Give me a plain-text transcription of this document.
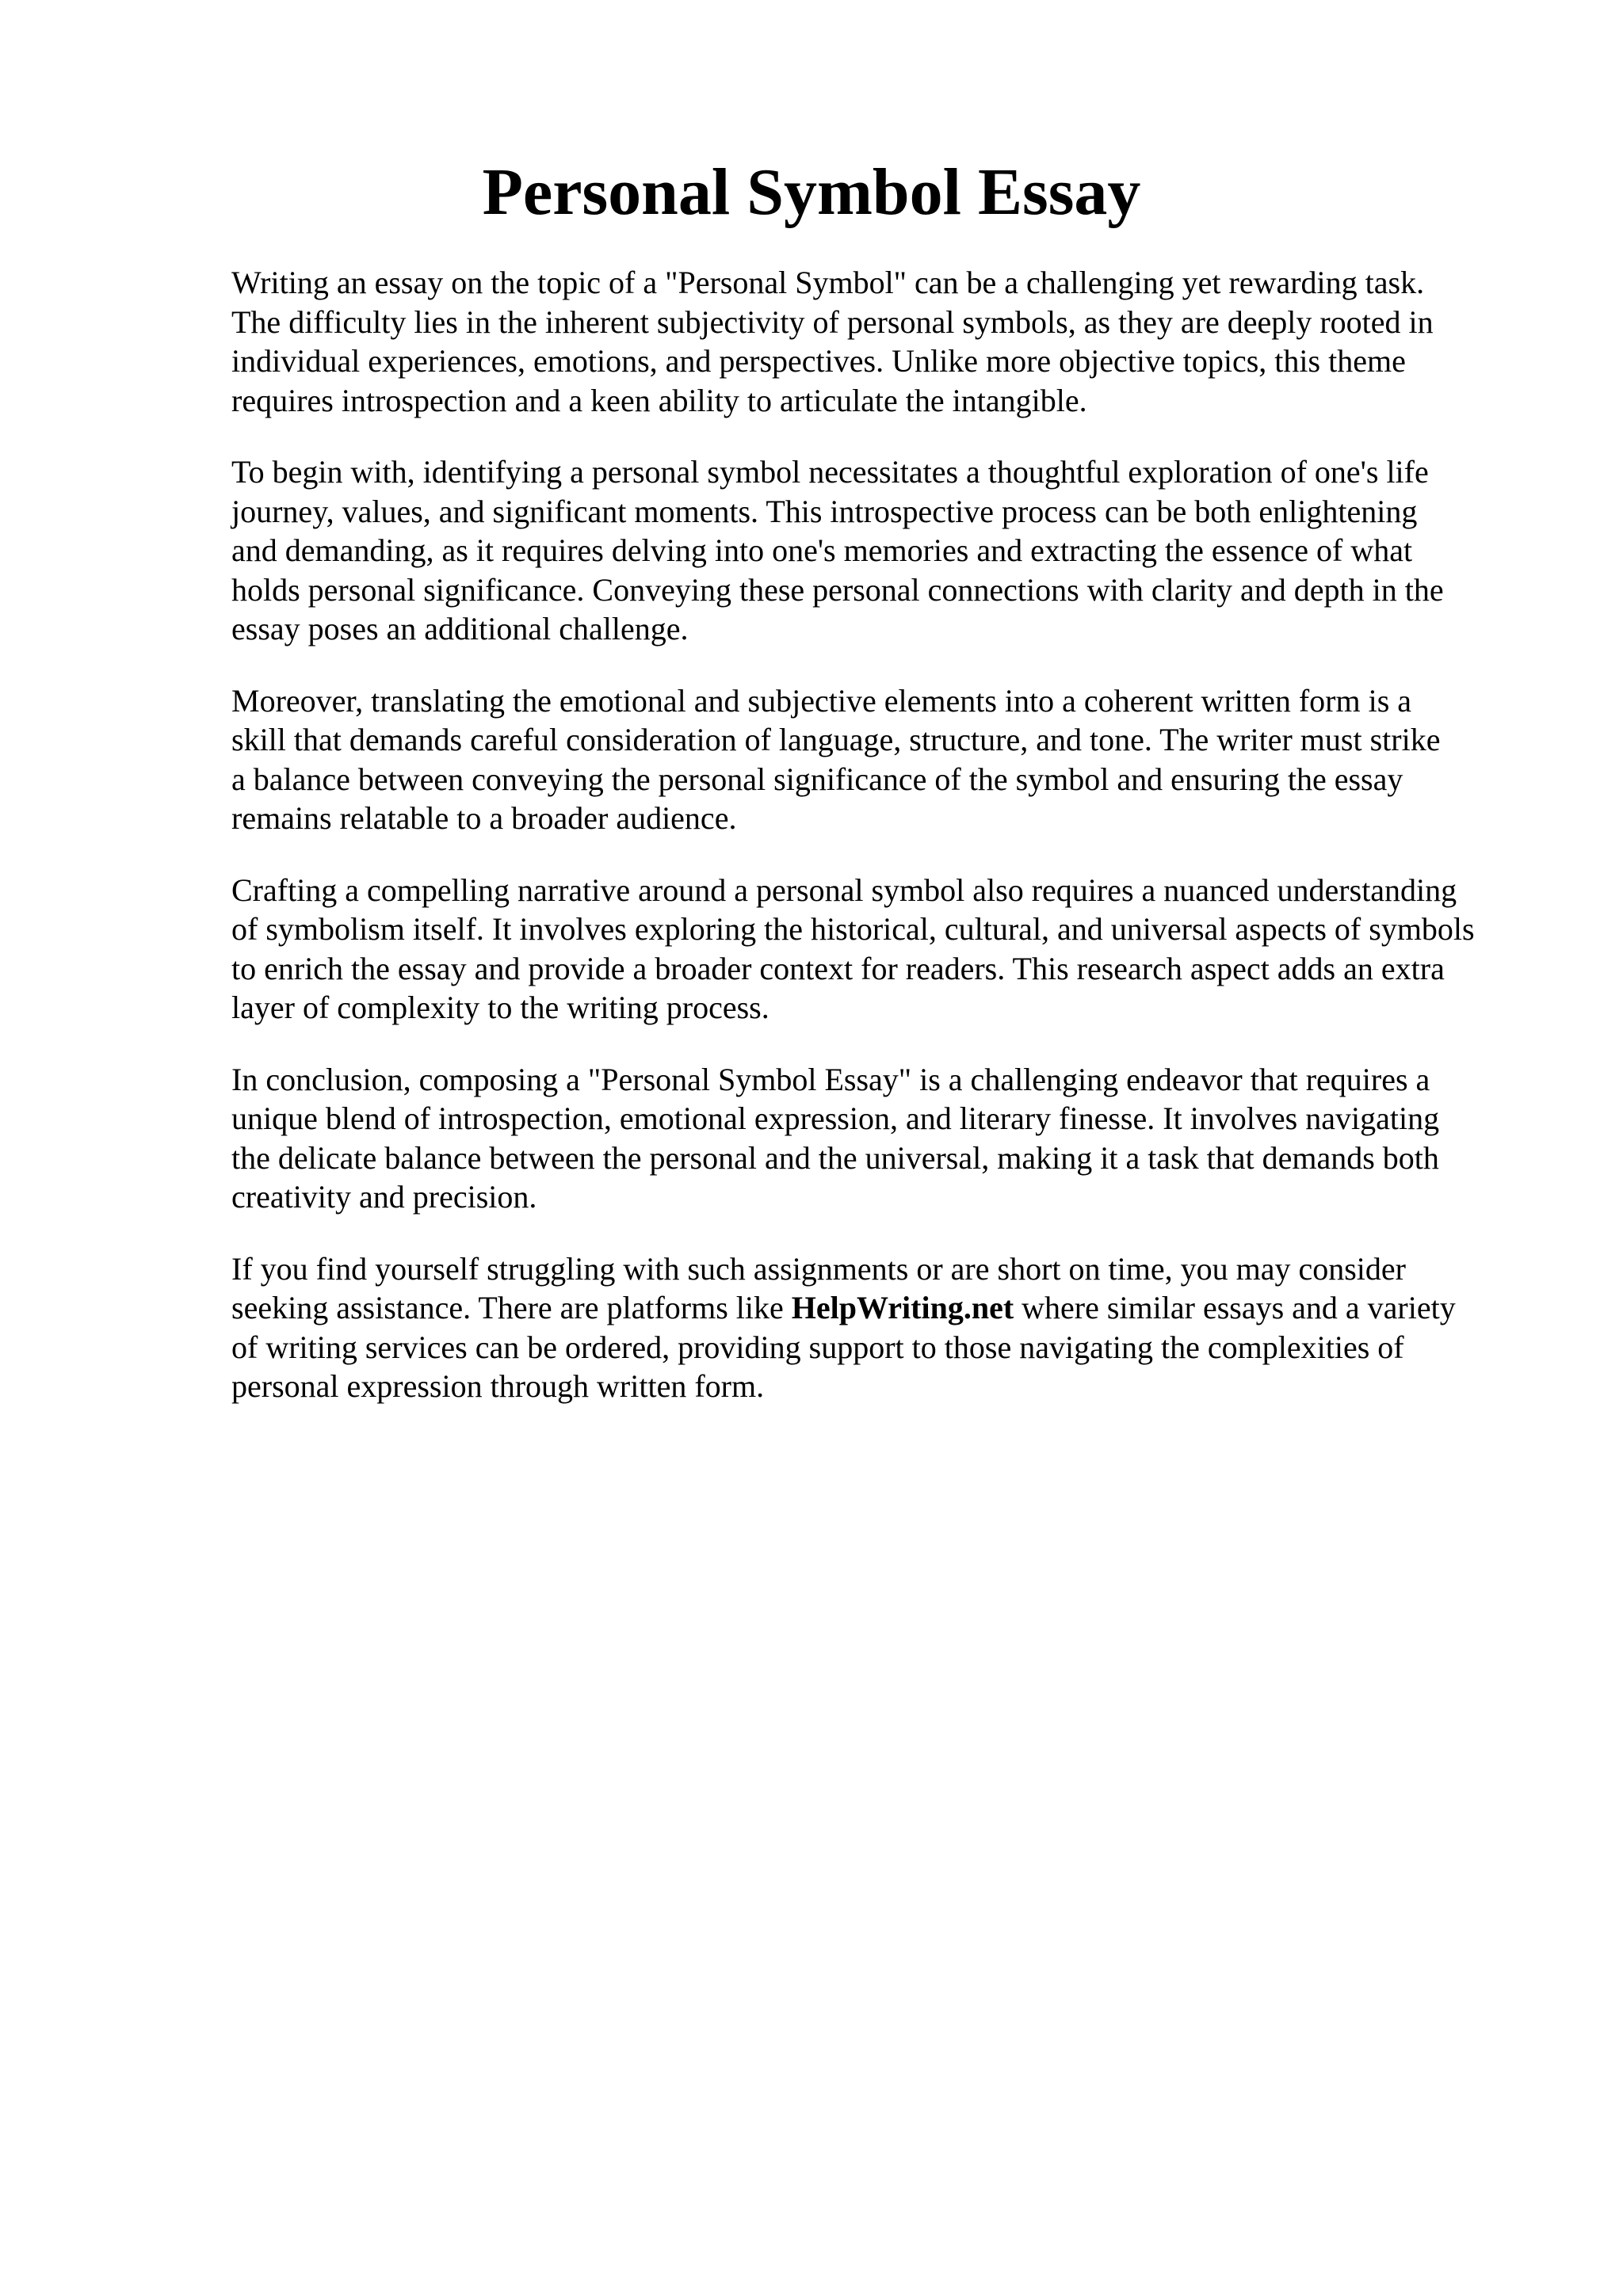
Personal Symbol Essay

Writing an essay on the topic of a "Personal Symbol" can be a challenging yet rewarding task.
The difficulty lies in the inherent subjectivity of personal symbols, as they are deeply rooted in
individual experiences, emotions, and perspectives. Unlike more objective topics, this theme
requires introspection and a keen ability to articulate the intangible.

To begin with, identifying a personal symbol necessitates a thoughtful exploration of one's life
journey, values, and significant moments. This introspective process can be both enlightening
and demanding, as it requires delving into one's memories and extracting the essence of what
holds personal significance. Conveying these personal connections with clarity and depth in the
essay poses an additional challenge.

Moreover, translating the emotional and subjective elements into a coherent written form is a
skill that demands careful consideration of language, structure, and tone. The writer must strike
a balance between conveying the personal significance of the symbol and ensuring the essay
remains relatable to a broader audience.

Crafting a compelling narrative around a personal symbol also requires a nuanced understanding
of symbolism itself. It involves exploring the historical, cultural, and universal aspects of symbols
to enrich the essay and provide a broader context for readers. This research aspect adds an extra
layer of complexity to the writing process.

In conclusion, composing a "Personal Symbol Essay" is a challenging endeavor that requires a
unique blend of introspection, emotional expression, and literary finesse. It involves navigating
the delicate balance between the personal and the universal, making it a task that demands both
creativity and precision.

If you find yourself struggling with such assignments or are short on time, you may consider
seeking assistance. There are platforms like HelpWriting.net where similar essays and a variety
of writing services can be ordered, providing support to those navigating the complexities of
personal expression through written form.
